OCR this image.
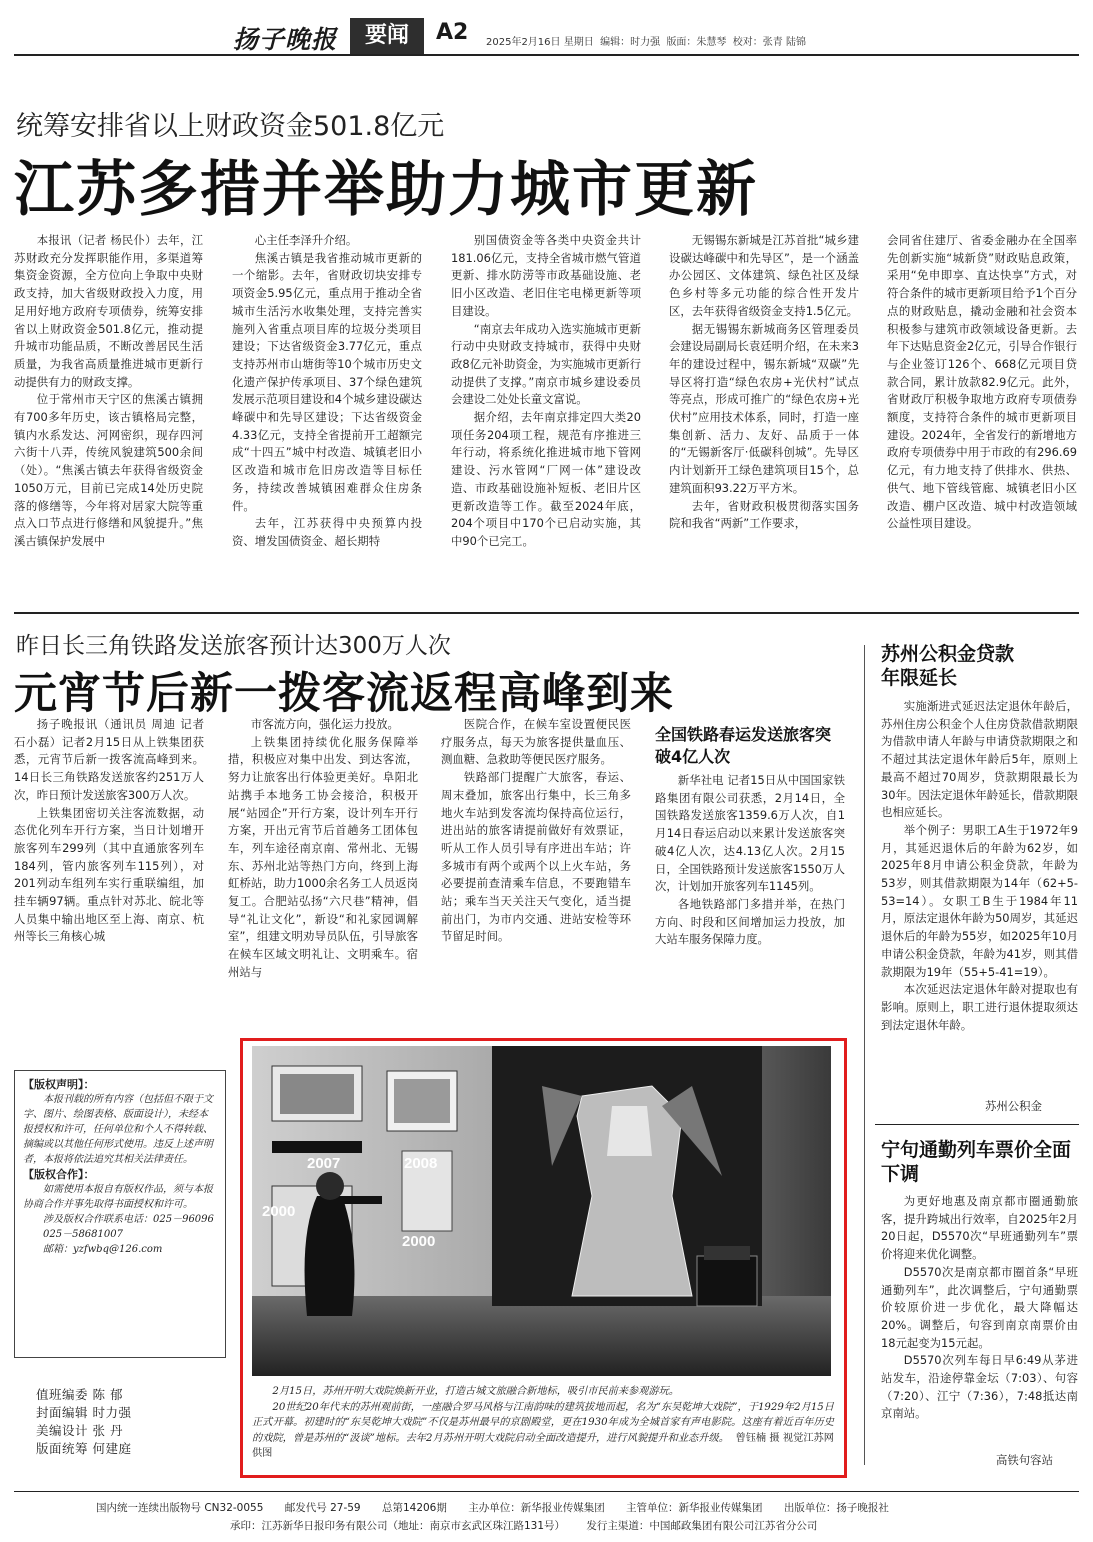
扬子晚报	要闻	A2 2025年2月16日 星期日 编辑：时力强 版面：朱慧琴 校对：张青 陆锦
统筹安排省以上财政资金501.8亿元
江苏多措并举助力城市更新

本报讯（记者 杨民仆）去年，江苏财政充分发挥职能作用，多渠道筹集资金资源，全方位向上争取中央财政支持，加大省级财政投入力度，用足用好地方政府专项债券，统筹安排省以上财政资金501.8亿元，推动提升城市功能品质，不断改善居民生活质量，为我省高质量推进城市更新行动提供有力的财政支撑。

位于常州市天宁区的焦溪古镇拥有700多年历史，该古镇格局完整，镇内水系发达、河网密织，现存四河六街十八弄，传统风貌建筑500余间（处）。“焦溪古镇去年获得省级资金1050万元，目前已完成14处历史院落的修缮等，今年将对居家大院等重点入口节点进行修缮和风貌提升。”焦溪古镇保护发展中

心主任李泽升介绍。

焦溪古镇是我省推动城市更新的一个缩影。去年，省财政切块安排专项资金5.95亿元，重点用于推动全省城市生活污水收集处理，支持完善实施列入省重点项目库的垃圾分类项目建设；下达省级资金3.77亿元，重点支持苏州市山塘街等10个城市历史文化遗产保护传承项目、37个绿色建筑发展示范项目建设和4个城乡建设碳达峰碳中和先导区建设；下达省级资金4.33亿元，支持全省提前开工超额完成“十四五”城中村改造、城镇老旧小区改造和城市危旧房改造等目标任务，持续改善城镇困难群众住房条件。

去年，江苏获得中央预算内投资、增发国债资金、超长期特

别国债资金等各类中央资金共计181.06亿元，支持全省城市燃气管道更新、排水防涝等市政基础设施、老旧小区改造、老旧住宅电梯更新等项目建设。

“南京去年成功入选实施城市更新行动中央财政支持城市，获得中央财政8亿元补助资金，为实施城市更新行动提供了支撑。”南京市城乡建设委员会建设二处处长童文富说。

据介绍，去年南京排定四大类20项任务204项工程，规范有序推进三年行动，将系统化推进城市地下管网建设、污水管网“厂网一体”建设改造、市政基础设施补短板、老旧片区更新改造等工作。截至2024年底，204个项目中170个已启动实施，其中90个已完工。

无锡锡东新城是江苏首批“城乡建设碳达峰碳中和先导区”，是一个涵盖办公园区、文体建筑、绿色社区及绿色乡村等多元功能的综合性开发片区，去年获得省级资金支持1.5亿元。

据无锡锡东新城商务区管理委员会建设局副局长袁廷明介绍，在未来3年的建设过程中，锡东新城“双碳”先导区将打造“绿色农房+光伏村”试点等亮点，形成可推广的“绿色农房+光伏村”应用技术体系，同时，打造一座集创新、活力、友好、品质于一体的“无锡新客厅·低碳科创城”。先导区内计划新开工绿色建筑项目15个，总建筑面积93.22万平方米。

去年，省财政积极贯彻落实国务院和我省“两新”工作要求，

会同省住建厅、省委金融办在全国率先创新实施“城新贷”财政贴息政策，采用“免申即享、直达快享”方式，对符合条件的城市更新项目给予1个百分点的财政贴息，撬动金融和社会资本积极参与建筑市政领域设备更新。去年下达贴息资金2亿元，引导合作银行与企业签订126个、668亿元项目贷款合同，累计放款82.9亿元。此外，省财政厅积极争取地方政府专项债券额度，支持符合条件的城市更新项目建设。2024年，全省发行的新增地方政府专项债券中用于市政的有296.69亿元，有力地支持了供排水、供热、供气、地下管线管廊、城镇老旧小区改造、棚户区改造、城中村改造领域公益性项目建设。
昨日长三角铁路发送旅客预计达300万人次
元宵节后新一拨客流返程高峰到来

扬子晚报讯（通讯员 周迪 记者 石小磊）记者2月15日从上铁集团获悉，元宵节后新一拨客流高峰到来。14日长三角铁路发送旅客约251万人次，昨日预计发送旅客300万人次。

上铁集团密切关注客流数据，动态优化列车开行方案，当日计划增开旅客列车299列（其中直通旅客列车184列，管内旅客列车115列），对201列动车组列车实行重联编组，加挂车辆97辆。重点针对苏北、皖北等人员集中输出地区至上海、南京、杭州等长三角核心城

市客流方向，强化运力投放。

上铁集团持续优化服务保障举措，积极应对集中出发、到达客流，努力让旅客出行体验更美好。阜阳北站携手本地务工协会接洽，积极开展“站园企”开行方案，设计列车开行方案，开出元宵节后首趟务工团体包车，列车途径南京南、常州北、无锡东、苏州北站等热门方向，终到上海虹桥站，助力1000余名务工人员返岗复工。合肥站弘扬“六尺巷”精神，倡导“礼让文化”，新设“和礼家园调解室”，组建文明劝导员队伍，引导旅客在候车区域文明礼让、文明乘车。宿州站与

医院合作，在候车室设置便民医疗服务点，每天为旅客提供量血压、测血糖、急救助等便民医疗服务。

铁路部门提醒广大旅客，春运、周末叠加，旅客出行集中，长三角多地火车站到发客流均保持高位运行，进出站的旅客请提前做好有效票证，听从工作人员引导有序进出车站；许多城市有两个或两个以上火车站，务必要提前查清乘车信息，不要跑错车站；乘车当天关注天气变化，适当提前出门，为市内交通、进站安检等环节留足时间。

全国铁路春运发送旅客突破4亿人次

新华社电 记者15日从中国国家铁路集团有限公司获悉，2月14日，全国铁路发送旅客1359.6万人次，自1月14日春运启动以来累计发送旅客突破4亿人次，达4.13亿人次。2月15日，全国铁路预计发送旅客1550万人次，计划加开旅客列车1145列。

各地铁路部门多措并举，在热门方向、时段和区间增加运力投放，加大站车服务保障力度。

苏州公积金贷款年限延长

实施渐进式延迟法定退休年龄后，苏州住房公积金个人住房贷款借款期限为借款申请人年龄与申请贷款期限之和不超过其法定退休年龄后5年，原则上最高不超过70周岁，贷款期限最长为30年。因法定退休年龄延长，借款期限也相应延长。

举个例子：男职工A生于1972年9月，其延迟退休后的年龄为62岁，如2025年8月申请公积金贷款，年龄为53岁，则其借款期限为14年（62+5-53=14）。女职工B生于1984年11月，原法定退休年龄为50周岁，其延迟退休后的年龄为55岁，如2025年10月申请公积金贷款，年龄为41岁，则其借款期限为19年（55+5-41=19）。

本次延迟法定退休年龄对提取也有影响。原则上，职工进行退休提取须达到法定退休年龄。

苏州公积金
宁句通勤列车票价全面下调

为更好地惠及南京都市圈通勤旅客，提升跨城出行效率，自2025年2月20日起，D5570次“早班通勤列车”票价将迎来优化调整。

D5570次是南京都市圈首条“早班通勤列车”，此次调整后，宁句通勤票价较原价进一步优化，最大降幅达20%。调整后，句容到南京南票价由18元起变为15元起。

D5570次列车每日早6:49从茅进站发车，沿途停靠金坛（7:03）、句容（7:20）、江宁（7:36），7:48抵达南京南站。

高铁句容站
【版权声明】：

本报刊载的所有内容（包括但不限于文字、图片、绘图表格、版面设计），未经本报授权和许可，任何单位和个人不得转载、摘编或以其他任何形式使用。违反上述声明者，本报将依法追究其相关法律责任。

【版权合作】：

如需使用本报自有版权作品，须与本报协商合作并事先取得书面授权和许可。

涉及版权合作联系电话：025－96096

025－58681007

邮箱：yzfwbq@126.com

值班编委 陈 郁
封面编辑 时力强
美编设计 张 丹
版面统筹 何建庭
2007	2008
2000
2000

2月15日，苏州开明大戏院焕新开业，打造古城文旅融合新地标，吸引市民前来参观游玩。

20世纪20年代末的苏州观前街，一座融合罗马风格与江南韵味的建筑拔地而起，名为“东吴乾坤大戏院”，于1929年2月15日正式开幕。初建时的“东吴乾坤大戏院”不仅是苏州最早的京剧殿堂，更在1930年成为全城首家有声电影院。这座有着近百年历史的戏院，曾是苏州的“汲谈”地标。去年2月苏州开明大戏院启动全面改造提升，进行风貌提升和业态升级。 曾钰楠 摄 视觉江苏网供图

国内统一连续出版物号 CN32-0055 邮发代号 27-59 总第14206期 主办单位：新华报业传媒集团 主管单位：新华报业传媒集团 出版单位：扬子晚报社
承印：江苏新华日报印务有限公司（地址：南京市玄武区珠江路131号） 发行主渠道：中国邮政集团有限公司江苏省分公司
